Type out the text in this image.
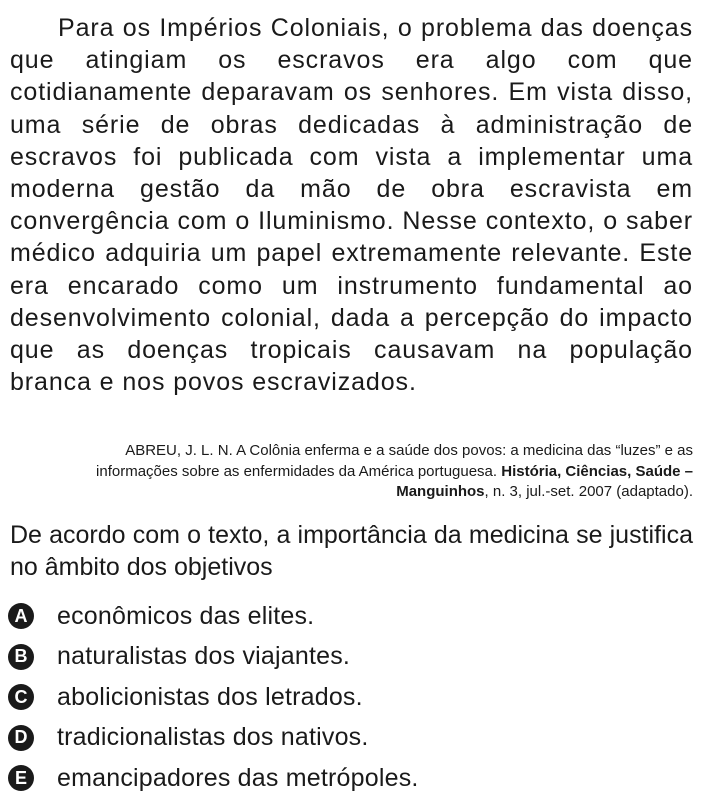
Para os Impérios Coloniais, o problema das doenças que atingiam os escravos era algo com que cotidianamente deparavam os senhores. Em vista disso, uma série de obras dedicadas à administração de escravos foi publicada com vista a implementar uma moderna gestão da mão de obra escravista em convergência com o Iluminismo. Nesse contexto, o saber médico adquiria um papel extremamente relevante. Este era encarado como um instrumento fundamental ao desenvolvimento colonial, dada a percepção do impacto que as doenças tropicais causavam na população branca e nos povos escravizados.

ABREU, J. L. N. A Colônia enferma e a saúde dos povos: a medicina das “luzes” e as informações sobre as enfermidades da América portuguesa. História, Ciências, Saúde – Manguinhos, n. 3, jul.-set. 2007 (adaptado).

De acordo com o texto, a importância da medicina se justifica no âmbito dos objetivos

A econômicos das elites.
B naturalistas dos viajantes.
C abolicionistas dos letrados.
D tradicionalistas dos nativos.
E emancipadores das metrópoles.
